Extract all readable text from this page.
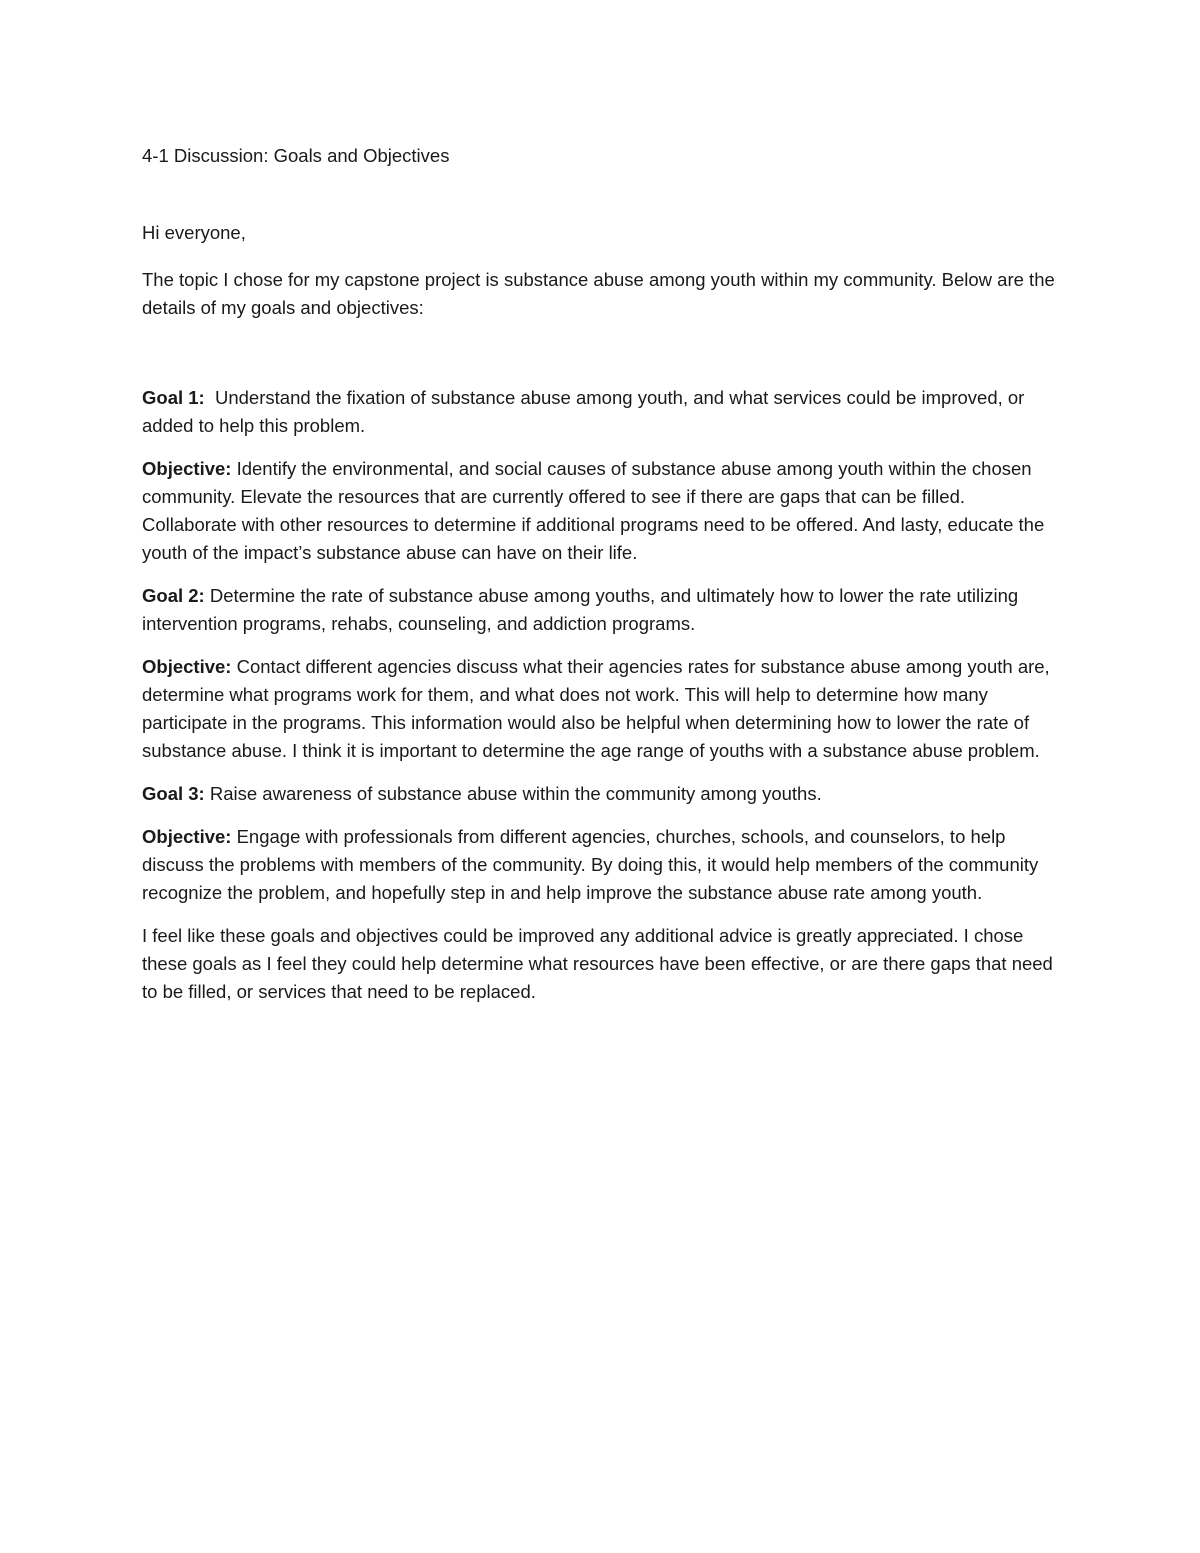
4-1 Discussion: Goals and Objectives

Hi everyone,

The topic I chose for my capstone project is substance abuse among youth within my community. Below are the details of my goals and objectives:

Goal 1:  Understand the fixation of substance abuse among youth, and what services could be improved, or added to help this problem.

Objective: Identify the environmental, and social causes of substance abuse among youth within the chosen community. Elevate the resources that are currently offered to see if there are gaps that can be filled. Collaborate with other resources to determine if additional programs need to be offered. And lasty, educate the youth of the impact’s substance abuse can have on their life.

Goal 2: Determine the rate of substance abuse among youths, and ultimately how to lower the rate utilizing intervention programs, rehabs, counseling, and addiction programs.

Objective: Contact different agencies discuss what their agencies rates for substance abuse among youth are, determine what programs work for them, and what does not work. This will help to determine how many participate in the programs. This information would also be helpful when determining how to lower the rate of substance abuse. I think it is important to determine the age range of youths with a substance abuse problem.

Goal 3: Raise awareness of substance abuse within the community among youths.

Objective: Engage with professionals from different agencies, churches, schools, and counselors, to help discuss the problems with members of the community. By doing this, it would help members of the community recognize the problem, and hopefully step in and help improve the substance abuse rate among youth.

I feel like these goals and objectives could be improved any additional advice is greatly appreciated. I chose these goals as I feel they could help determine what resources have been effective, or are there gaps that need to be filled, or services that need to be replaced.
